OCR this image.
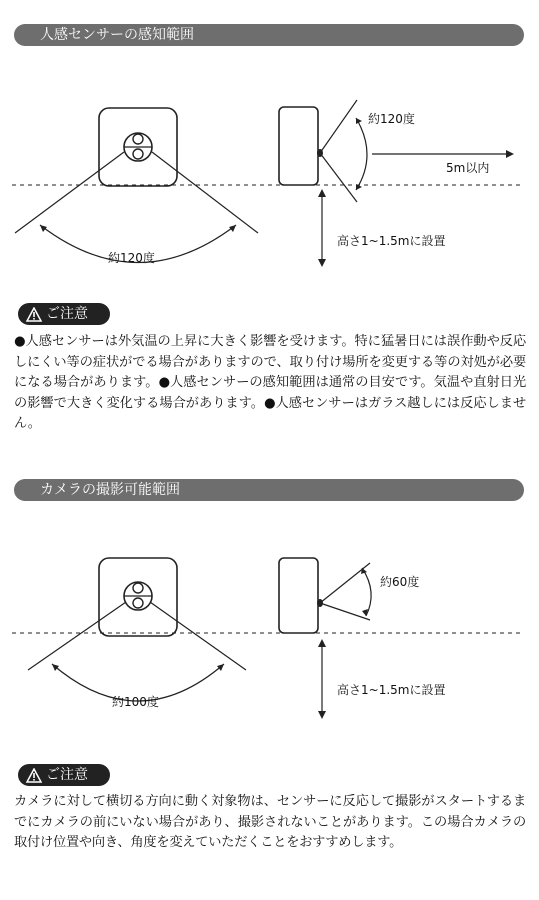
人感センサーの感知範囲
約120度
約120度
5m以内
高さ1~1.5mに設置
ご注意

●人感センサーは外気温の上昇に大きく影響を受けます。特に猛暑日には誤作動や反応しにくい等の症状がでる場合がありますので、取り付け場所を変更する等の対処が必要になる場合があります。●人感センサーの感知範囲は通常の目安です。気温や直射日光の影響で大きく変化する場合があります。●人感センサーはガラス越しには反応しません。

カメラの撮影可能範囲
約100度
約60度
高さ1~1.5mに設置
ご注意

カメラに対して横切る方向に動く対象物は、センサーに反応して撮影がスタートするまでにカメラの前にいない場合があり、撮影されないことがあります。この場合カメラの取付け位置や向き、角度を変えていただくことをおすすめします。
